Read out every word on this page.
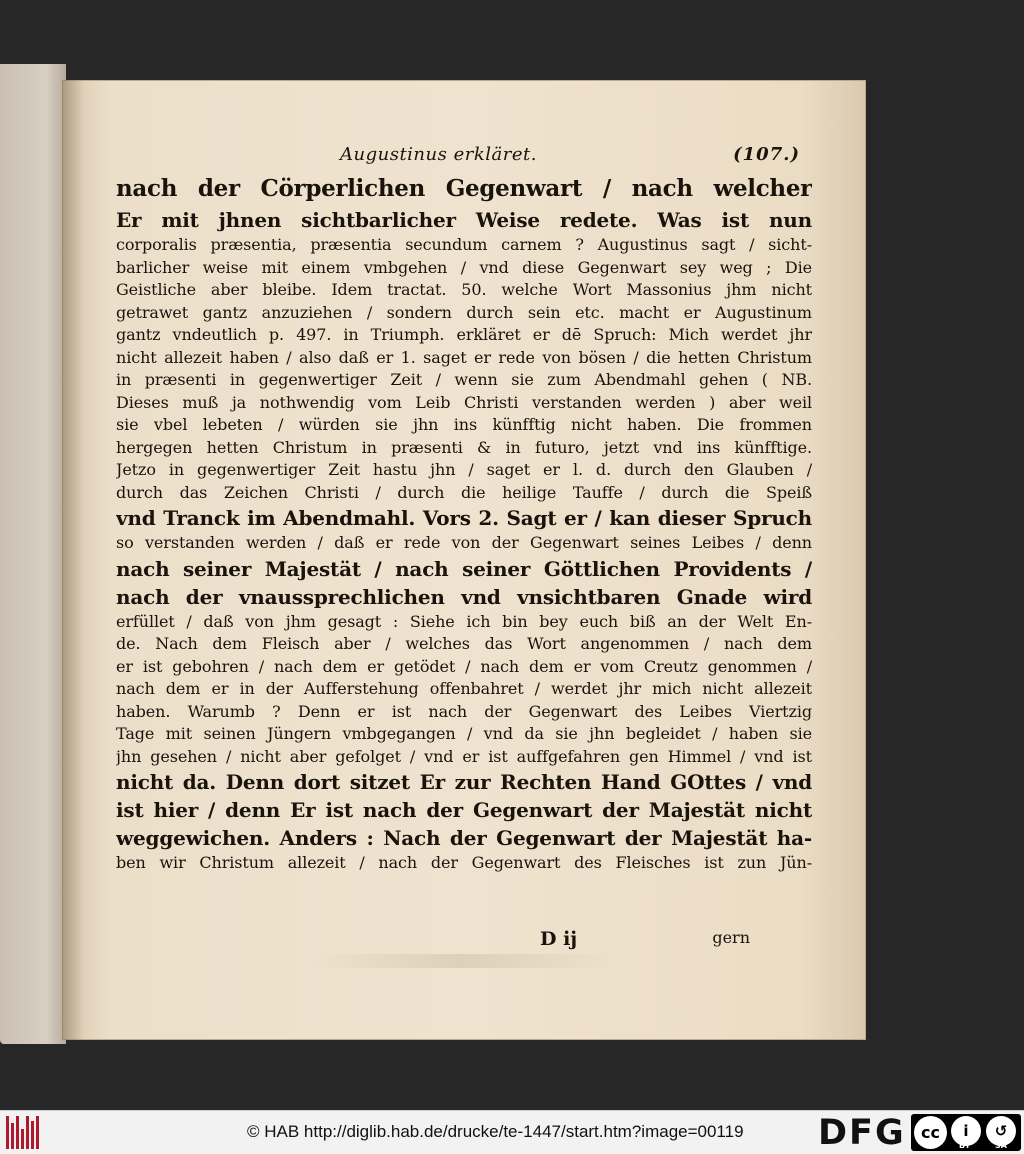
Augustinus erkläret.	(107.)
nach der Cörperlichen Gegenwart / nach welcher
Er mit jhnen sichtbarlicher Weise redete. Was ist nun
corporalis præsentia, præsentia secundum carnem ? Augustinus sagt / sicht-
barlicher weise mit einem vmbgehen / vnd diese Gegenwart sey weg ; Die
Geistliche aber bleibe. Idem tractat. 50. welche Wort Massonius jhm nicht
getrawet gantz anzuziehen / sondern durch sein etc. macht er Augustinum
gantz vndeutlich p. 497. in Triumph. erkläret er dē Spruch: Mich werdet jhr
nicht allezeit haben / also daß er 1. saget er rede von bösen / die hetten Christum
in præsenti in gegenwertiger Zeit / wenn sie zum Abendmahl gehen ( NB.
Dieses muß ja nothwendig vom Leib Christi verstanden werden ) aber weil
sie vbel lebeten / würden sie jhn ins künfftig nicht haben. Die frommen
hergegen hetten Christum in præsenti & in futuro, jetzt vnd ins künfftige.
Jetzo in gegenwertiger Zeit hastu jhn / saget er l. d. durch den Glauben /
durch das Zeichen Christi / durch die heilige Tauffe / durch die Speiß
vnd Tranck im Abendmahl. Vors 2. Sagt er / kan dieser Spruch
so verstanden werden / daß er rede von der Gegenwart seines Leibes / denn
nach seiner Majestät / nach seiner Göttlichen Providents /
nach der vnaussprechlichen vnd vnsichtbaren Gnade wird
erfüllet / daß von jhm gesagt : Siehe ich bin bey euch biß an der Welt En-
de. Nach dem Fleisch aber / welches das Wort angenommen / nach dem
er ist gebohren / nach dem er getödet / nach dem er vom Creutz genommen /
nach dem er in der Aufferstehung offenbahret / werdet jhr mich nicht allezeit
haben. Warumb ? Denn er ist nach der Gegenwart des Leibes Viertzig
Tage mit seinen Jüngern vmbgegangen / vnd da sie jhn begleidet / haben sie
jhn gesehen / nicht aber gefolget / vnd er ist auffgefahren gen Himmel / vnd ist
nicht da. Denn dort sitzet Er zur Rechten Hand GOttes / vnd
ist hier / denn Er ist nach der Gegenwart der Majestät nicht
weggewichen. Anders : Nach der Gegenwart der Majestät ha-
ben wir Christum allezeit / nach der Gegenwart des Fleisches ist zun Jün-
D ij	gern
© HAB http://diglib.hab.de/drucke/te-1447/start.htm?image=00119 DFG cc	i	↺
BY	SA
